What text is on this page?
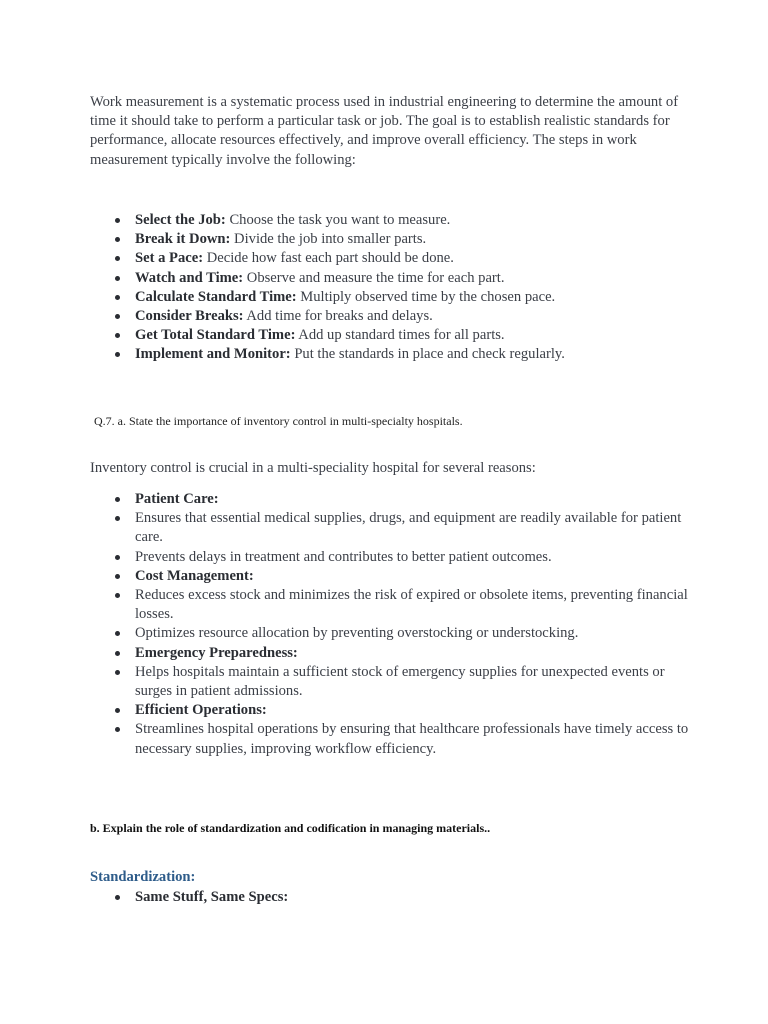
Work measurement is a systematic process used in industrial engineering to determine the amount of time it should take to perform a particular task or job. The goal is to establish realistic standards for performance, allocate resources effectively, and improve overall efficiency. The steps in work measurement typically involve the following:

Select the Job: Choose the task you want to measure.
Break it Down: Divide the job into smaller parts.
Set a Pace: Decide how fast each part should be done.
Watch and Time: Observe and measure the time for each part.
Calculate Standard Time: Multiply observed time by the chosen pace.
Consider Breaks: Add time for breaks and delays.
Get Total Standard Time: Add up standard times for all parts.
Implement and Monitor: Put the standards in place and check regularly.

Q.7. a. State the importance of inventory control in multi-specialty hospitals.

Inventory control is crucial in a multi-speciality hospital for several reasons:

Patient Care:
Ensures that essential medical supplies, drugs, and equipment are readily available for patient care.
Prevents delays in treatment and contributes to better patient outcomes.
Cost Management:
Reduces excess stock and minimizes the risk of expired or obsolete items, preventing financial losses.
Optimizes resource allocation by preventing overstocking or understocking.
Emergency Preparedness:
Helps hospitals maintain a sufficient stock of emergency supplies for unexpected events or surges in patient admissions.
Efficient Operations:
Streamlines hospital operations by ensuring that healthcare professionals have timely access to necessary supplies, improving workflow efficiency.

b. Explain the role of standardization and codification in managing materials..

Standardization:

Same Stuff, Same Specs:
